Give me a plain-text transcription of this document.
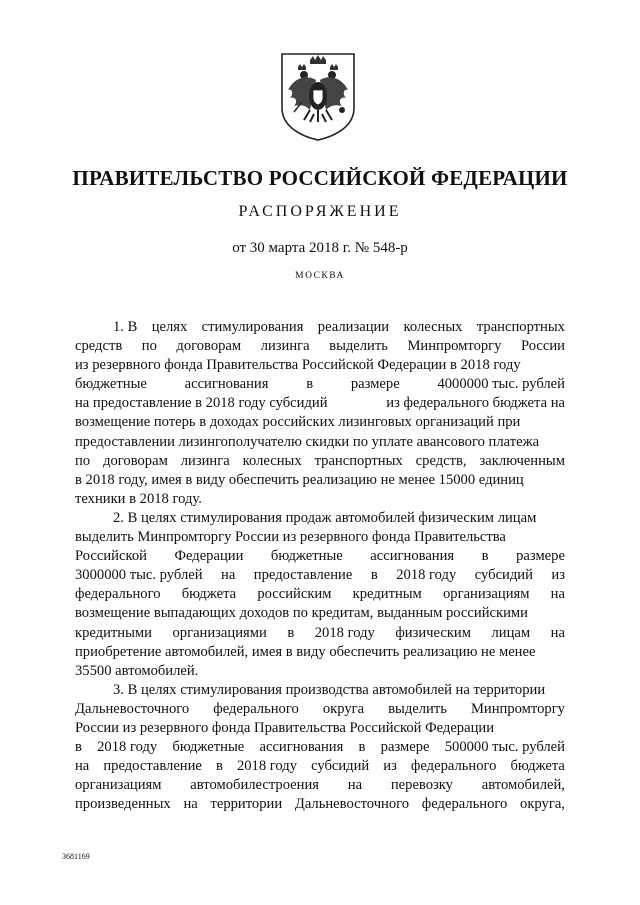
ПРАВИТЕЛЬСТВО РОССИЙСКОЙ ФЕДЕРАЦИИ
РАСПОРЯЖЕНИЕ
от 30 марта 2018 г. № 548-р
МОСКВА
1. В целях стимулирования реализации колесных транспортных
средств по договорам лизинга выделить Минпромторгу России
из резервного фонда Правительства Российской Федерации в 2018 году
бюджетные	ассигнования	в	размере	4000000 тыс. рублей
на предоставление в 2018 году субсидий	из федерального бюджета на
возмещение потерь в доходах российских лизинговых организаций при
предоставлении лизингополучателю скидки по уплате авансового платежа
по договорам лизинга колесных транспортных средств, заключенным
в 2018 году, имея в виду обеспечить реализацию не менее 15000 единиц
техники в 2018 году.
2. В целях стимулирования продаж автомобилей физическим лицам
выделить Минпромторгу России из резервного фонда Правительства
Российской Федерации бюджетные ассигнования в размере
3000000 тыс. рублей на предоставление в 2018 году субсидий из
федерального бюджета российским кредитным организациям на
возмещение выпадающих доходов по кредитам, выданным российскими
кредитными организациями в 2018 году физическим лицам на
приобретение автомобилей, имея в виду обеспечить реализацию не менее
35500 автомобилей.
3. В целях стимулирования производства автомобилей на территории
Дальневосточного федерального округа выделить Минпромторгу
России из резервного фонда Правительства Российской Федерации
в 2018 году бюджетные ассигнования в размере 500000 тыс. рублей
на предоставление в 2018 году субсидий из федерального бюджета
организациям автомобилестроения на перевозку автомобилей,
произведенных на территории Дальневосточного федерального округа,
3681169
